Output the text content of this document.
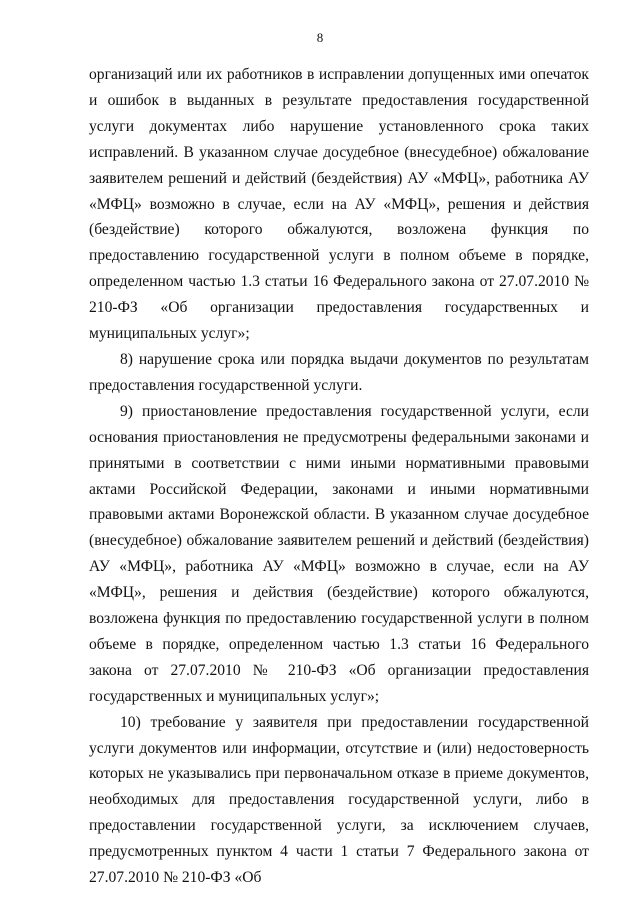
8

организаций или их работников в исправлении допущенных ими опечаток и ошибок в выданных в результате предоставления государственной услуги документах либо нарушение установленного срока таких исправлений. В указанном случае досудебное (внесудебное) обжалование заявителем решений и действий (бездействия) АУ «МФЦ», работника АУ «МФЦ» возможно в случае, если на АУ «МФЦ», решения и действия (бездействие) которого обжалуются, возложена функция по предоставлению государственной услуги в полном объеме в порядке, определенном частью 1.3 статьи 16 Федерального закона от 27.07.2010 № 210-ФЗ «Об организации предоставления государственных и муниципальных услуг»;

8) нарушение срока или порядка выдачи документов по результатам предоставления государственной услуги.

9) приостановление предоставления государственной услуги, если основания приостановления не предусмотрены федеральными законами и принятыми в соответствии с ними иными нормативными правовыми актами Российской Федерации, законами и иными нормативными правовыми актами Воронежской области. В указанном случае досудебное (внесудебное) обжалование заявителем решений и действий (бездействия) АУ «МФЦ», работника АУ «МФЦ» возможно в случае, если на АУ «МФЦ», решения и действия (бездействие) которого обжалуются, возложена функция по предоставлению государственной услуги в полном объеме в порядке, определенном частью 1.3 статьи 16 Федерального закона от 27.07.2010 № 210-ФЗ «Об организации предоставления государственных и муниципальных услуг»;

10) требование у заявителя при предоставлении государственной услуги документов или информации, отсутствие и (или) недостоверность которых не указывались при первоначальном отказе в приеме документов, необходимых для предоставления государственной услуги, либо в предоставлении государственной услуги, за исключением случаев, предусмотренных пунктом 4 части 1 статьи 7 Федерального закона от 27.07.2010 № 210-ФЗ «Об
